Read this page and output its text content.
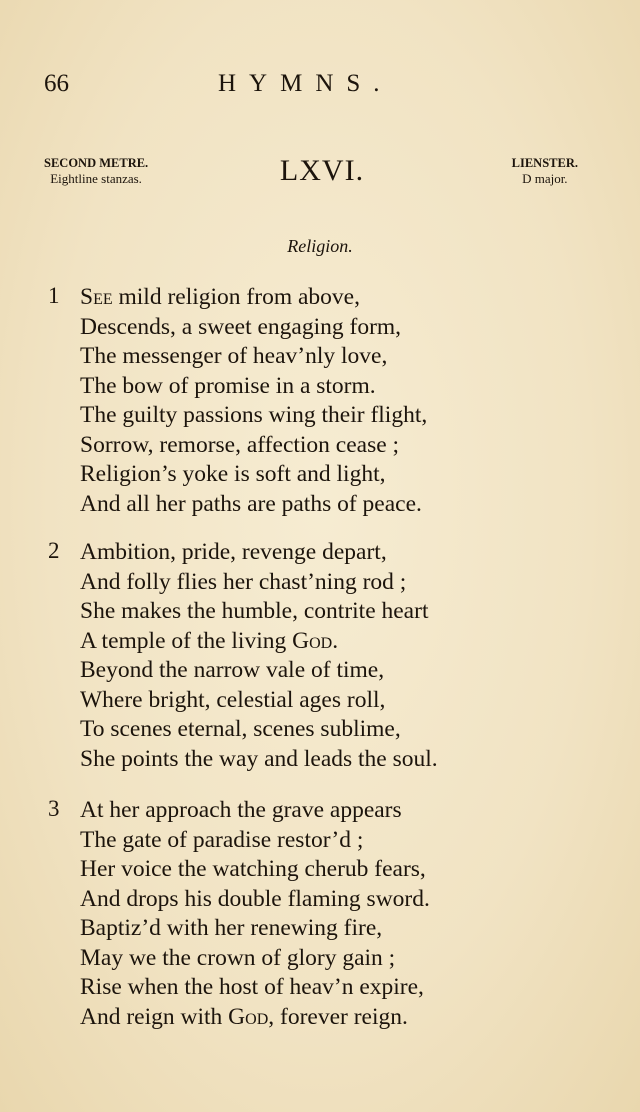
66	HYMNS.
SECOND METRE.
Eightline stanzas.	LXVI.	LIENSTER.
D major.
Religion.
1 See mild religion from above,
Descends, a sweet engaging form,
The messenger of heav’nly love,
The bow of promise in a storm.
The guilty passions wing their flight,
Sorrow, remorse, affection cease ;
Religion’s yoke is soft and light,
And all her paths are paths of peace.
2 Ambition, pride, revenge depart,
And folly flies her chast’ning rod ;
She makes the humble, contrite heart
A temple of the living God.
Beyond the narrow vale of time,
Where bright, celestial ages roll,
To scenes eternal, scenes sublime,
She points the way and leads the soul.
3 At her approach the grave appears
The gate of paradise restor’d ;
Her voice the watching cherub fears,
And drops his double flaming sword.
Baptiz’d with her renewing fire,
May we the crown of glory gain ;
Rise when the host of heav’n expire,
And reign with God, forever reign.
